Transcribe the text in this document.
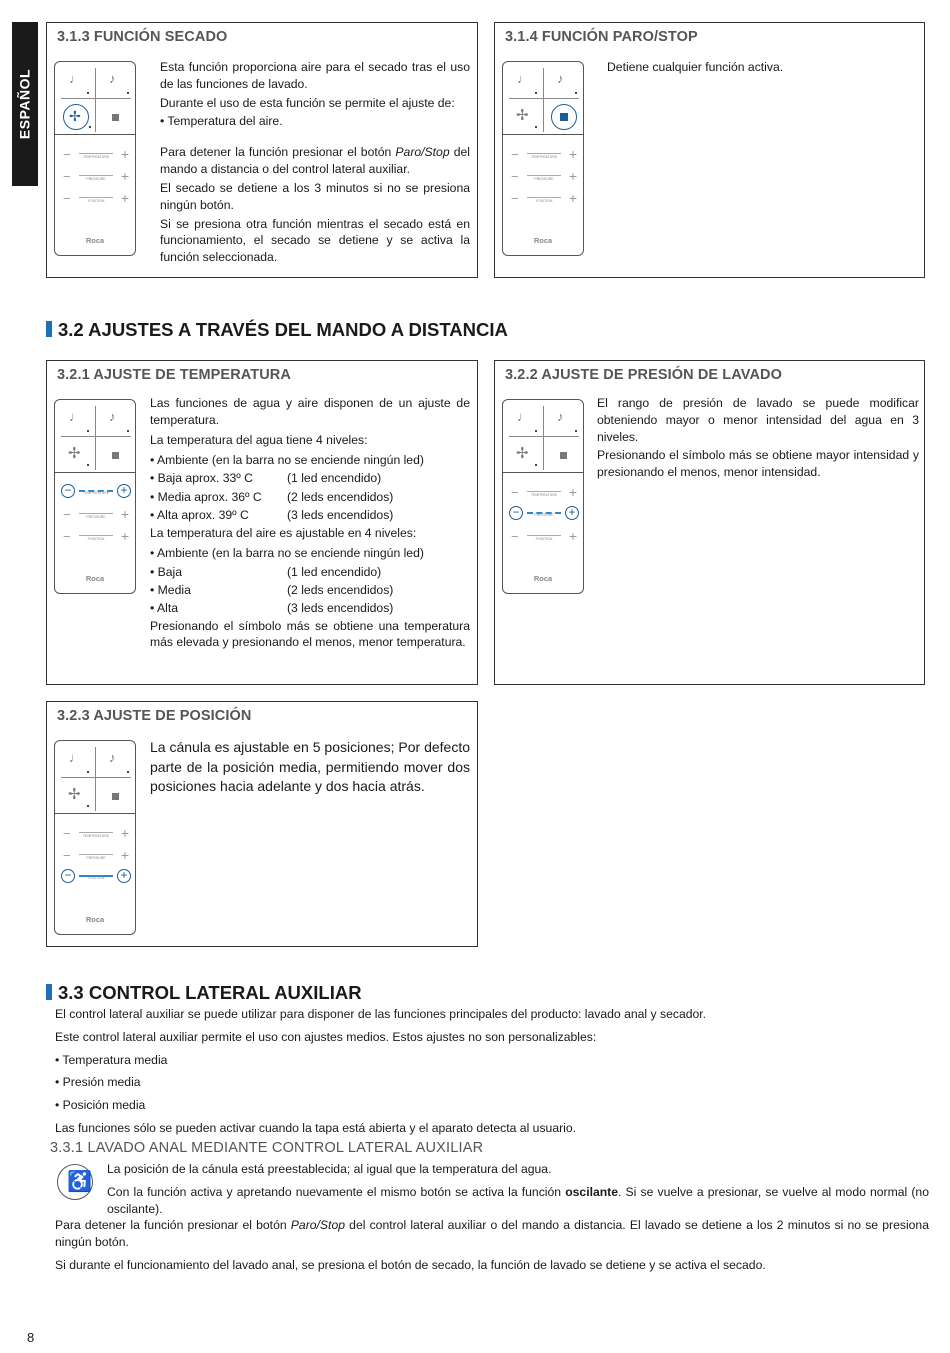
ESPAÑOL
3.1.3 FUNCIÓN SECADO
♩ ♪
✢
−	TEMPERATURE +
−	PRESSURE	+
−	POSITION	+
Roca

Esta función proporciona aire para el secado tras el uso de las funciones de lavado.

Durante el uso de esta función se permite el ajuste de:

• Temperatura del aire.

Para detener la función presionar el botón Paro/Stop del mando a distancia o del control lateral auxiliar.

El secado se detiene a los 3 minutos si no se presiona ningún botón.

Si se presiona otra función mientras el secado está en funcionamiento, el secado se detiene y se activa la función seleccionada.

3.1.4 FUNCIÓN PARO/STOP
♩ ♪
✢
−	TEMPERATURE +
−	PRESSURE	+
−	POSITION	+
Roca

Detiene cualquier función activa.

3.2 AJUSTES A TRAVÉS DEL MANDO A DISTANCIA
3.2.1 AJUSTE DE TEMPERATURA
♩ ♪
✢
−	TEMPERATURE +
−	PRESSURE	+
−	POSITION	+
Roca

Las funciones de agua y aire disponen de un ajuste de temperatura.

La temperatura del agua tiene 4 niveles:

• Ambiente (en la barra no se enciende ningún led)
• Baja aprox. 33º C	(1 led encendido)
• Media aprox. 36º C	(2 leds encendidos)
• Alta aprox. 39º C	(3 leds encendidos)

La temperatura del aire es ajustable en 4 niveles:

• Ambiente (en la barra no se enciende ningún led)
• Baja	(1 led encendido)
• Media	(2 leds encendidos)
• Alta	(3 leds encendidos)

Presionando el símbolo más se obtiene una temperatura más elevada y presionando el menos, menor temperatura.

3.2.2 AJUSTE DE PRESIÓN DE LAVADO
♩ ♪
✢
−	TEMPERATURE +
−	PRESSURE	+
−	POSITION	+
Roca

El rango de presión de lavado se puede modificar obteniendo mayor o menor intensidad del agua en 3 niveles.

Presionando el símbolo más se obtiene mayor intensidad y presionando el menos, menor intensidad.

3.2.3 AJUSTE DE POSICIÓN
♩ ♪
✢
−	TEMPERATURE +
−	PRESSURE	+
−	POSITION	+
Roca

La cánula es ajustable en 5 posiciones; Por defecto parte de la posición media, permitiendo mover dos posiciones hacia adelante y dos hacia atrás.

3.3 CONTROL LATERAL AUXILIAR

El control lateral auxiliar se puede utilizar para disponer de las funciones principales del producto: lavado anal y secador.

Este control lateral auxiliar permite el uso con ajustes medios. Estos ajustes no son personalizables:

• Temperatura media

• Presión media

• Posición media

Las funciones sólo se pueden activar cuando la tapa está abierta y el aparato detecta al usuario.

3.3.1 LAVADO ANAL MEDIANTE CONTROL LATERAL AUXILIAR
♿

La posición de la cánula está preestablecida; al igual que la temperatura del agua.

Con la función activa y apretando nuevamente el mismo botón se activa la función oscilante. Si se vuelve a presionar, se vuelve al modo normal (no oscilante).

Para detener la función presionar el botón Paro/Stop del control lateral auxiliar o del mando a distancia. El lavado se detiene a los 2 minutos si no se presiona ningún botón.

Si durante el funcionamiento del lavado anal, se presiona el botón de secado, la función de lavado se detiene y se activa el secado.

8
